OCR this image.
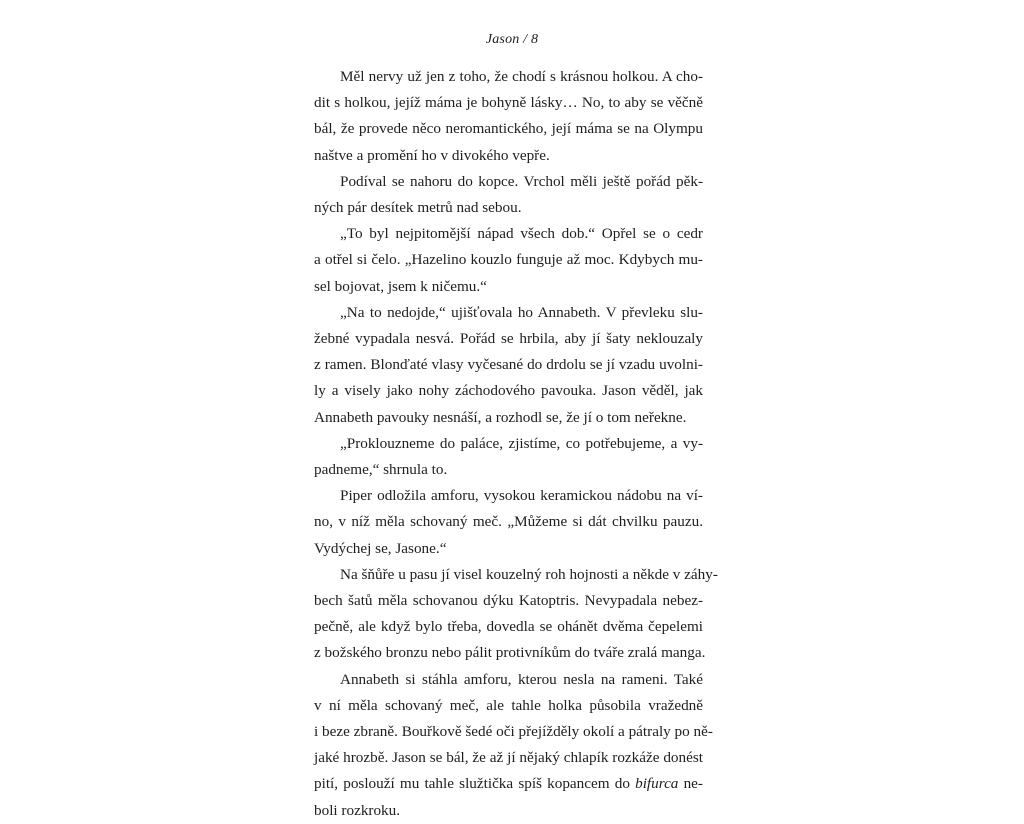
Jason / 8

Měl nervy už jen z toho, že chodí s krásnou holkou. A cho-
dit s holkou, jejíž máma je bohyně lásky… No, to aby se věčně
bál, že provede něco neromantického, její máma se na Olympu
naštve a promění ho v divokého vepře.

Podíval se nahoru do kopce. Vrchol měli ještě pořád pěk-
ných pár desítek metrů nad sebou.

„To byl nejpitomější nápad všech dob.“ Opřel se o cedr
a otřel si čelo. „Hazelino kouzlo funguje až moc. Kdybych mu-
sel bojovat, jsem k ničemu.“

„Na to nedojde,“ ujišťovala ho Annabeth. V převleku slu-
žebné vypadala nesvá. Pořád se hrbila, aby jí šaty neklouzaly
z ramen. Blonďaté vlasy vyčesané do drdolu se jí vzadu uvolni-
ly a visely jako nohy záchodového pavouka. Jason věděl, jak
Annabeth pavouky nesnáší, a rozhodl se, že jí o tom neřekne.

„Proklouzneme do paláce, zjistíme, co potřebujeme, a vy-
padneme,“ shrnula to.

Piper odložila amforu, vysokou keramickou nádobu na ví-
no, v níž měla schovaný meč. „Můžeme si dát chvilku pauzu.
Vydýchej se, Jasone.“

Na šňůře u pasu jí visel kouzelný roh hojnosti a někde v záhy-
bech šatů měla schovanou dýku Katoptris. Nevypadala nebez-
pečně, ale když bylo třeba, dovedla se ohánět dvěma čepelemi
z božského bronzu nebo pálit protivníkům do tváře zralá manga.

Annabeth si stáhla amforu, kterou nesla na rameni. Také
v ní měla schovaný meč, ale tahle holka působila vražedně
i beze zbraně. Bouřkově šedé oči přejížděly okolí a pátraly po ně-
jaké hrozbě. Jason se bál, že až jí nějaký chlapík rozkáže donést
pití, poslouží mu tahle služtička spíš kopancem do bifurca ne-
boli rozkroku.
